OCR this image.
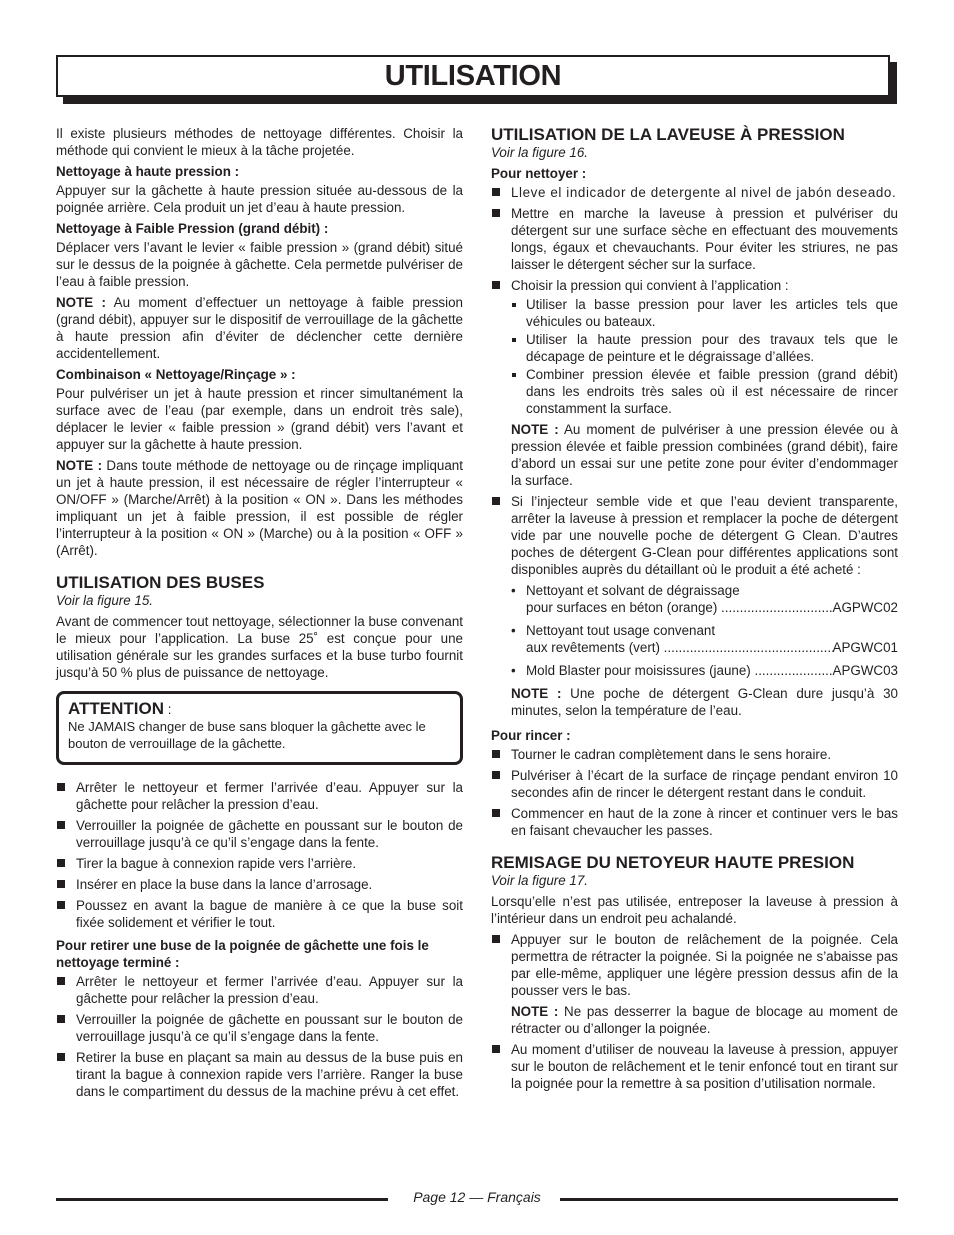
UTILISATION

Il existe plusieurs méthodes de nettoyage différentes. Choisir la méthode qui convient le mieux à la tâche projetée.

Nettoyage à haute pression :

Appuyer sur la gâchette à haute pression située au-dessous de la poignée arrière. Cela produit un jet d’eau à haute pression.

Nettoyage à Faible Pression (grand débit) :

Déplacer vers l’avant le levier « faible pression » (grand débit) situé sur le dessus de la poignée à gâchette. Cela permetde pulvériser de l’eau à faible pression.

NOTE : Au moment d’effectuer un nettoyage à faible pression (grand débit), appuyer sur le dispositif de verrouillage de la gâchette à haute pression afin d’éviter de déclencher cette dernière accidentellement.

Combinaison « Nettoyage/Rinçage » :

Pour pulvériser un jet à haute pression et rincer simultanément la surface avec de l’eau (par exemple, dans un endroit très sale), déplacer le levier « faible pression » (grand débit) vers l’avant et appuyer sur la gâchette à haute pression.

NOTE : Dans toute méthode de nettoyage ou de rinçage impliquant un jet à haute pression, il est nécessaire de régler l’interrupteur « ON/OFF » (Marche/Arrêt) à la position « ON ». Dans les méthodes impliquant un jet à faible pression, il est possible de régler l’interrupteur à la position « ON » (Marche) ou à la position « OFF » (Arrêt).

UTILISATION DES BUSES

Voir la figure 15.

Avant de commencer tout nettoyage, sélectionner la buse convenant le mieux pour l’application. La buse 25˚ est conçue pour une utilisation générale sur les grandes surfaces et la buse turbo fournit jusqu’à 50 % plus de puissance de nettoyage.

ATTENTION :

Ne JAMAIS changer de buse sans bloquer la gâchette avec le bouton de verrouillage de la gâchette.

Arrêter le nettoyeur et fermer l’arrivée d’eau. Appuyer sur la gâchette pour relâcher la pression d’eau.
Verrouiller la poignée de gâchette en poussant sur le bouton de verrouillage jusqu’à ce qu’il s’engage dans la fente.
Tirer la bague à connexion rapide vers l’arrière.
Insérer en place la buse dans la lance d’arrosage.
Poussez en avant la bague de manière à ce que la buse soit fixée solidement et vérifier le tout.

Pour retirer une buse de la poignée de gâchette une fois le nettoyage terminé :

Arrêter le nettoyeur et fermer l’arrivée d’eau. Appuyer sur la gâchette pour relâcher la pression d’eau.
Verrouiller la poignée de gâchette en poussant sur le bouton de verrouillage jusqu’à ce qu’il s’engage dans la fente.
Retirer la buse en plaçant sa main au dessus de la buse puis en tirant la bague à connexion rapide vers l’arrière. Ranger la buse dans le compartiment du dessus de la machine prévu à cet effet.
UTILISATION DE LA LAVEUSE À PRESSION

Voir la figure 16.

Pour nettoyer :

Lleve el indicador de detergente al nivel de jabón deseado.
Mettre en marche la laveuse à pression et pulvériser du détergent sur une surface sèche en effectuant des mouvements longs, égaux et chevauchants. Pour éviter les striures, ne pas laisser le détergent sécher sur la surface.
Choisir la pression qui convient à l’application :
Utiliser la basse pression pour laver les articles tels que véhicules ou bateaux.
Utiliser la haute pression pour des travaux tels que le décapage de peinture et le dégraissage d’allées.
Combiner pression élevée et faible pression (grand débit) dans les endroits très sales où il est nécessaire de rincer constamment la surface.

NOTE : Au moment de pulvériser à une pression élevée ou à pression élevée et faible pression combinées (grand débit), faire d’abord un essai sur une petite zone pour éviter d’endommager la surface.

Si l’injecteur semble vide et que l’eau devient transparente, arrêter la laveuse à pression et remplacer la poche de détergent vide par une nouvelle poche de détergent G Clean. D’autres poches de détergent G-Clean pour différentes applications sont disponibles auprès du détaillant où le produit a été acheté :
• Nettoyant et solvant de dégraissage
pour surfaces en béton (orange) .....	AGPWC02
• Nettoyant tout usage convenant
aux revêtements (vert) .....	APGWC01
• Mold Blaster pour moisissures (jaune) .....	APGWC03

NOTE : Une poche de détergent G-Clean dure jusqu’à 30 minutes, selon la température de l’eau.

Pour rincer :

Tourner le cadran complètement dans le sens horaire.
Pulvériser à l’écart de la surface de rinçage pendant environ 10 secondes afin de rincer le détergent restant dans le conduit.
Commencer en haut de la zone à rincer et continuer vers le bas en faisant chevaucher les passes.
REMISAGE DU NETOYEUR HAUTE PRESION

Voir la figure 17.

Lorsqu’elle n’est pas utilisée, entreposer la laveuse à pression à l’intérieur dans un endroit peu achalandé.

Appuyer sur le bouton de relâchement de la poignée. Cela permettra de rétracter la poignée. Si la poignée ne s’abaisse pas par elle-même, appliquer une légère pression dessus afin de la pousser vers le bas.

NOTE : Ne pas desserrer la bague de blocage au moment de rétracter ou d’allonger la poignée.

Au moment d’utiliser de nouveau la laveuse à pression, appuyer sur le bouton de relâchement et le tenir enfoncé tout en tirant sur la poignée pour la remettre à sa position d’utilisation normale.
Page 12 — Français
